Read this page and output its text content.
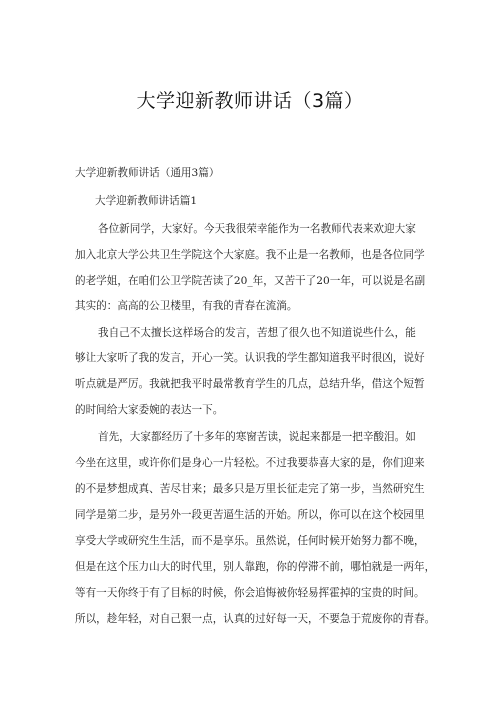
大学迎新教师讲话（3篇）
大学迎新教师讲话（通用3篇）
大学迎新教师讲话篇1
各位新同学，大家好。今天我很荣幸能作为一名教师代表来欢迎大家
加入北京大学公共卫生学院这个大家庭。我不止是一名教师，也是各位同学
的老学姐，在咱们公卫学院苦读了20_年，又苦干了20一年，可以说是名副
其实的：高高的公卫楼里，有我的青春在流淌。
我自己不太擅长这样场合的发言，苦想了很久也不知道说些什么，能
够让大家听了我的发言，开心一笑。认识我的学生都知道我平时很凶，说好
听点就是严厉。我就把我平时最常教育学生的几点，总结升华，借这个短暂
的时间给大家委婉的表达一下。
首先，大家都经历了十多年的寒窗苦读，说起来都是一把辛酸泪。如
今坐在这里，或许你们是身心一片轻松。不过我要恭喜大家的是，你们迎来
的不是梦想成真、苦尽甘来；最多只是万里长征走完了第一步，当然研究生
同学是第二步，是另外一段更苦逼生活的开始。所以，你可以在这个校园里
享受大学或研究生生活，而不是享乐。虽然说，任何时候开始努力都不晚，
但是在这个压力山大的时代里，别人靠跑，你的停滞不前，哪怕就是一两年，
等有一天你终于有了目标的时候，你会追悔被你轻易挥霍掉的宝贵的时间。
所以，趁年轻，对自己狠一点，认真的过好每一天，不要急于荒废你的青春。
